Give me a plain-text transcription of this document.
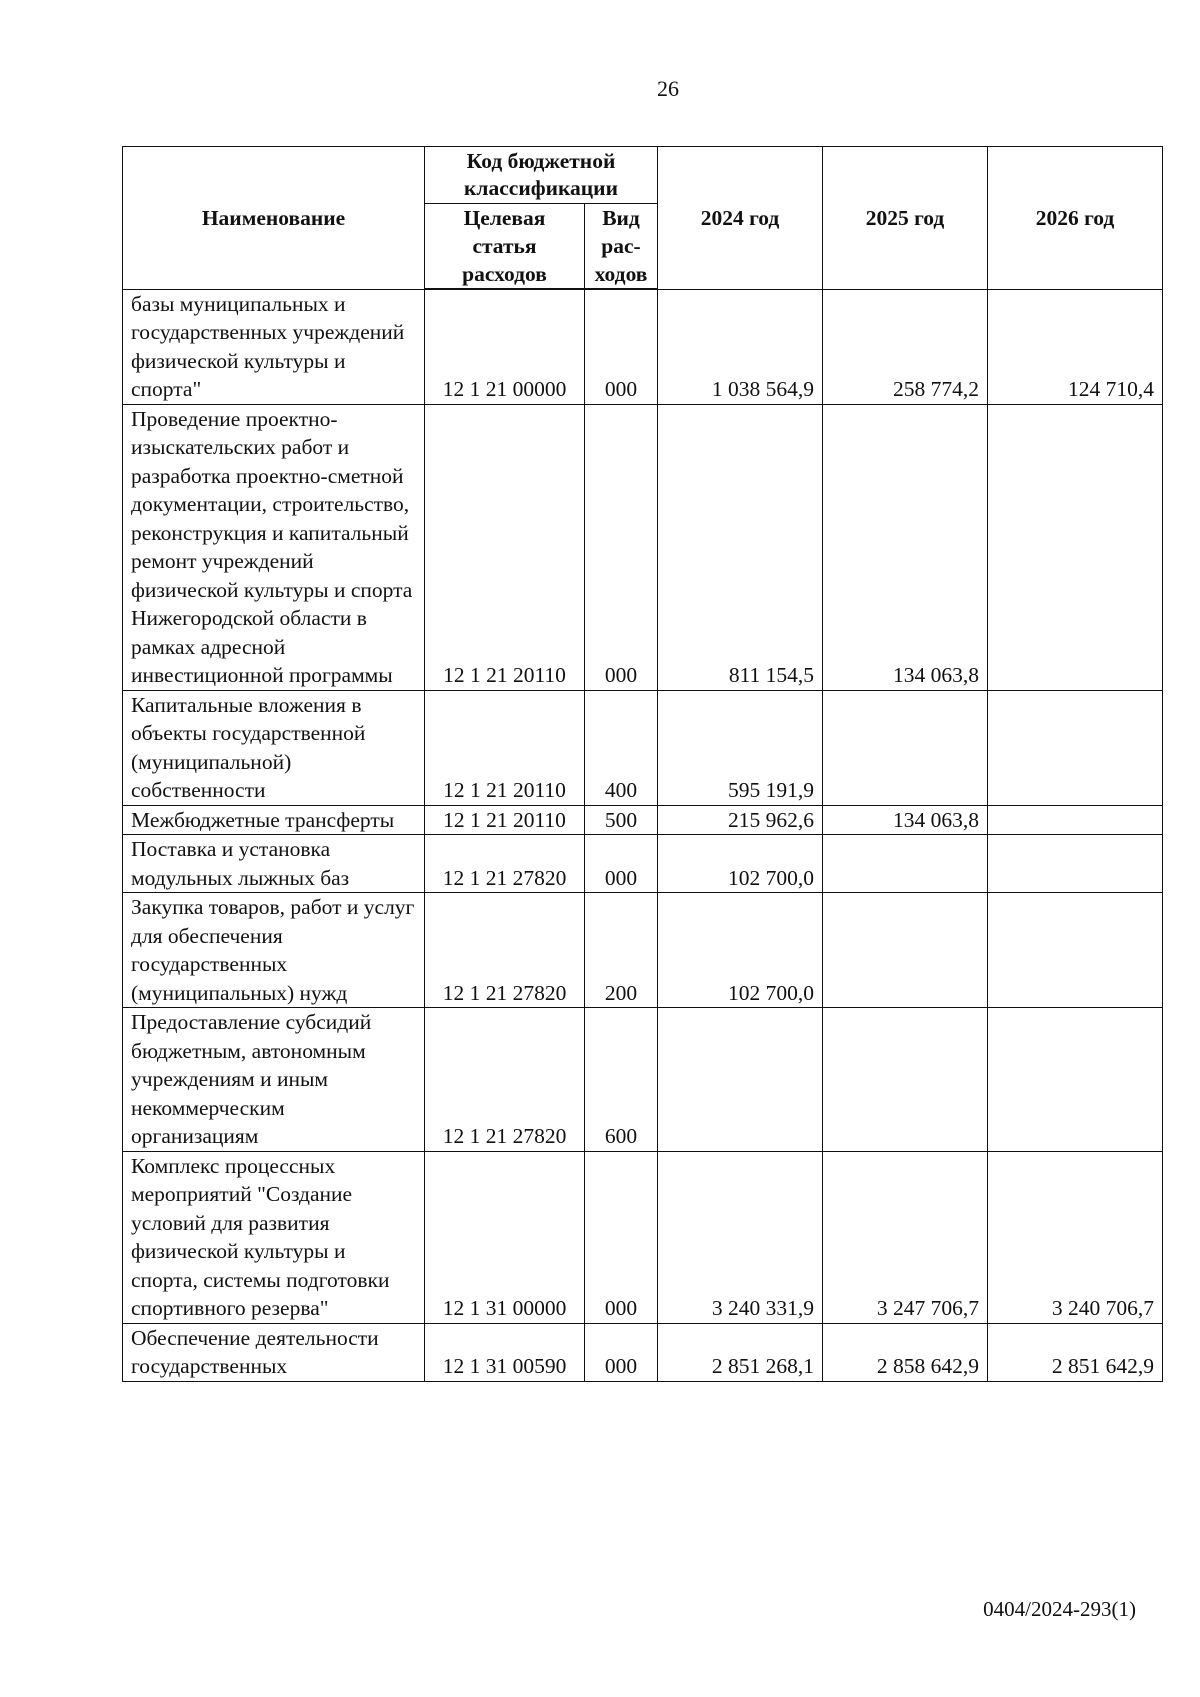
26
Наименование	Код бюджетной классификации		2024 год	2025 год	2026 год
	Целевая статья расходов	Вид рас-ходов			
базы муниципальных и государственных учреждений физической культуры и спорта"	12 1 21 00000	000	1 038 564,9	258 774,2	124 710,4
Проведение проектно-изыскательских работ и разработка проектно-сметной документации, строительство, реконструкция и капитальный ремонт учреждений физической культуры и спорта Нижегородской области в рамках адресной инвестиционной программы	12 1 21 20110	000	811 154,5	134 063,8	
Капитальные вложения в объекты государственной (муниципальной) собственности	12 1 21 20110	400	595 191,9		
Межбюджетные трансферты	12 1 21 20110	500	215 962,6	134 063,8	
Поставка и установка модульных лыжных баз	12 1 21 27820	000	102 700,0		
Закупка товаров, работ и услуг для обеспечения государственных (муниципальных) нужд	12 1 21 27820	200	102 700,0		
Предоставление субсидий бюджетным, автономным учреждениям и иным некоммерческим организациям	12 1 21 27820	600			
Комплекс процессных мероприятий "Создание условий для развития физической культуры и спорта, системы подготовки спортивного резерва"	12 1 31 00000	000	3 240 331,9	3 247 706,7	3 240 706,7
Обеспечение деятельности государственных	12 1 31 00590	000	2 851 268,1	2 858 642,9	2 851 642,9
0404/2024-293(1)
